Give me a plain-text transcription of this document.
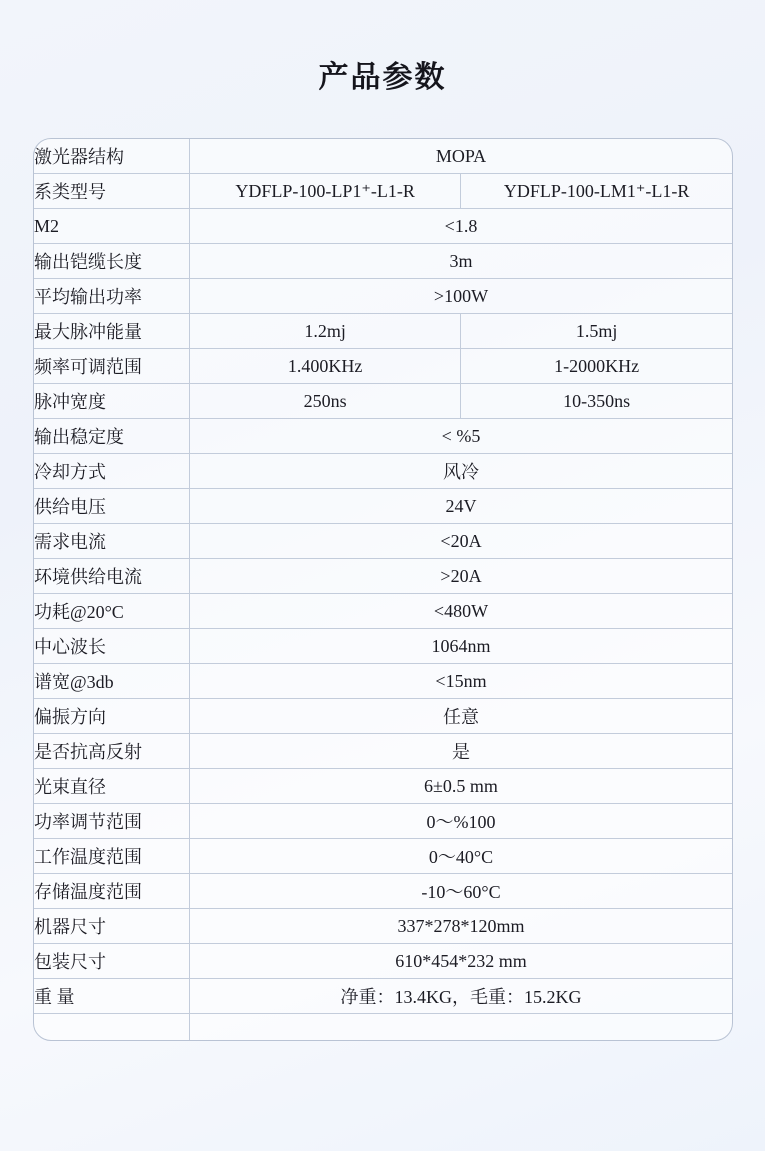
产品参数
激光器结构	MOPA	
系类型号	YDFLP-100-LP1⁺-L1-R	YDFLP-100-LM1⁺-L1-R
M2	<1.8	
输出铠缆长度	3m	
平均输出功率	>100W	
最大脉冲能量	1.2mj	1.5mj
频率可调范围	1.400KHz	1-2000KHz
脉冲宽度	250ns	10-350ns
输出稳定度	< %5	
冷却方式	风冷	
供给电压	24V	
需求电流	<20A	
环境供给电流	>20A	
功耗@20°C	<480W	
中心波长	1064nm	
谱宽@3db	<15nm	
偏振方向	任意	
是否抗高反射	是	
光束直径	6±0.5 mm	
功率调节范围	0〜%100	
工作温度范围	0〜40°C	
存储温度范围	-10〜60°C	
机器尺寸	337*278*120mm	
包装尺寸	610*454*232 mm	
重 量	净重：13.4KG，毛重：15.2KG	
